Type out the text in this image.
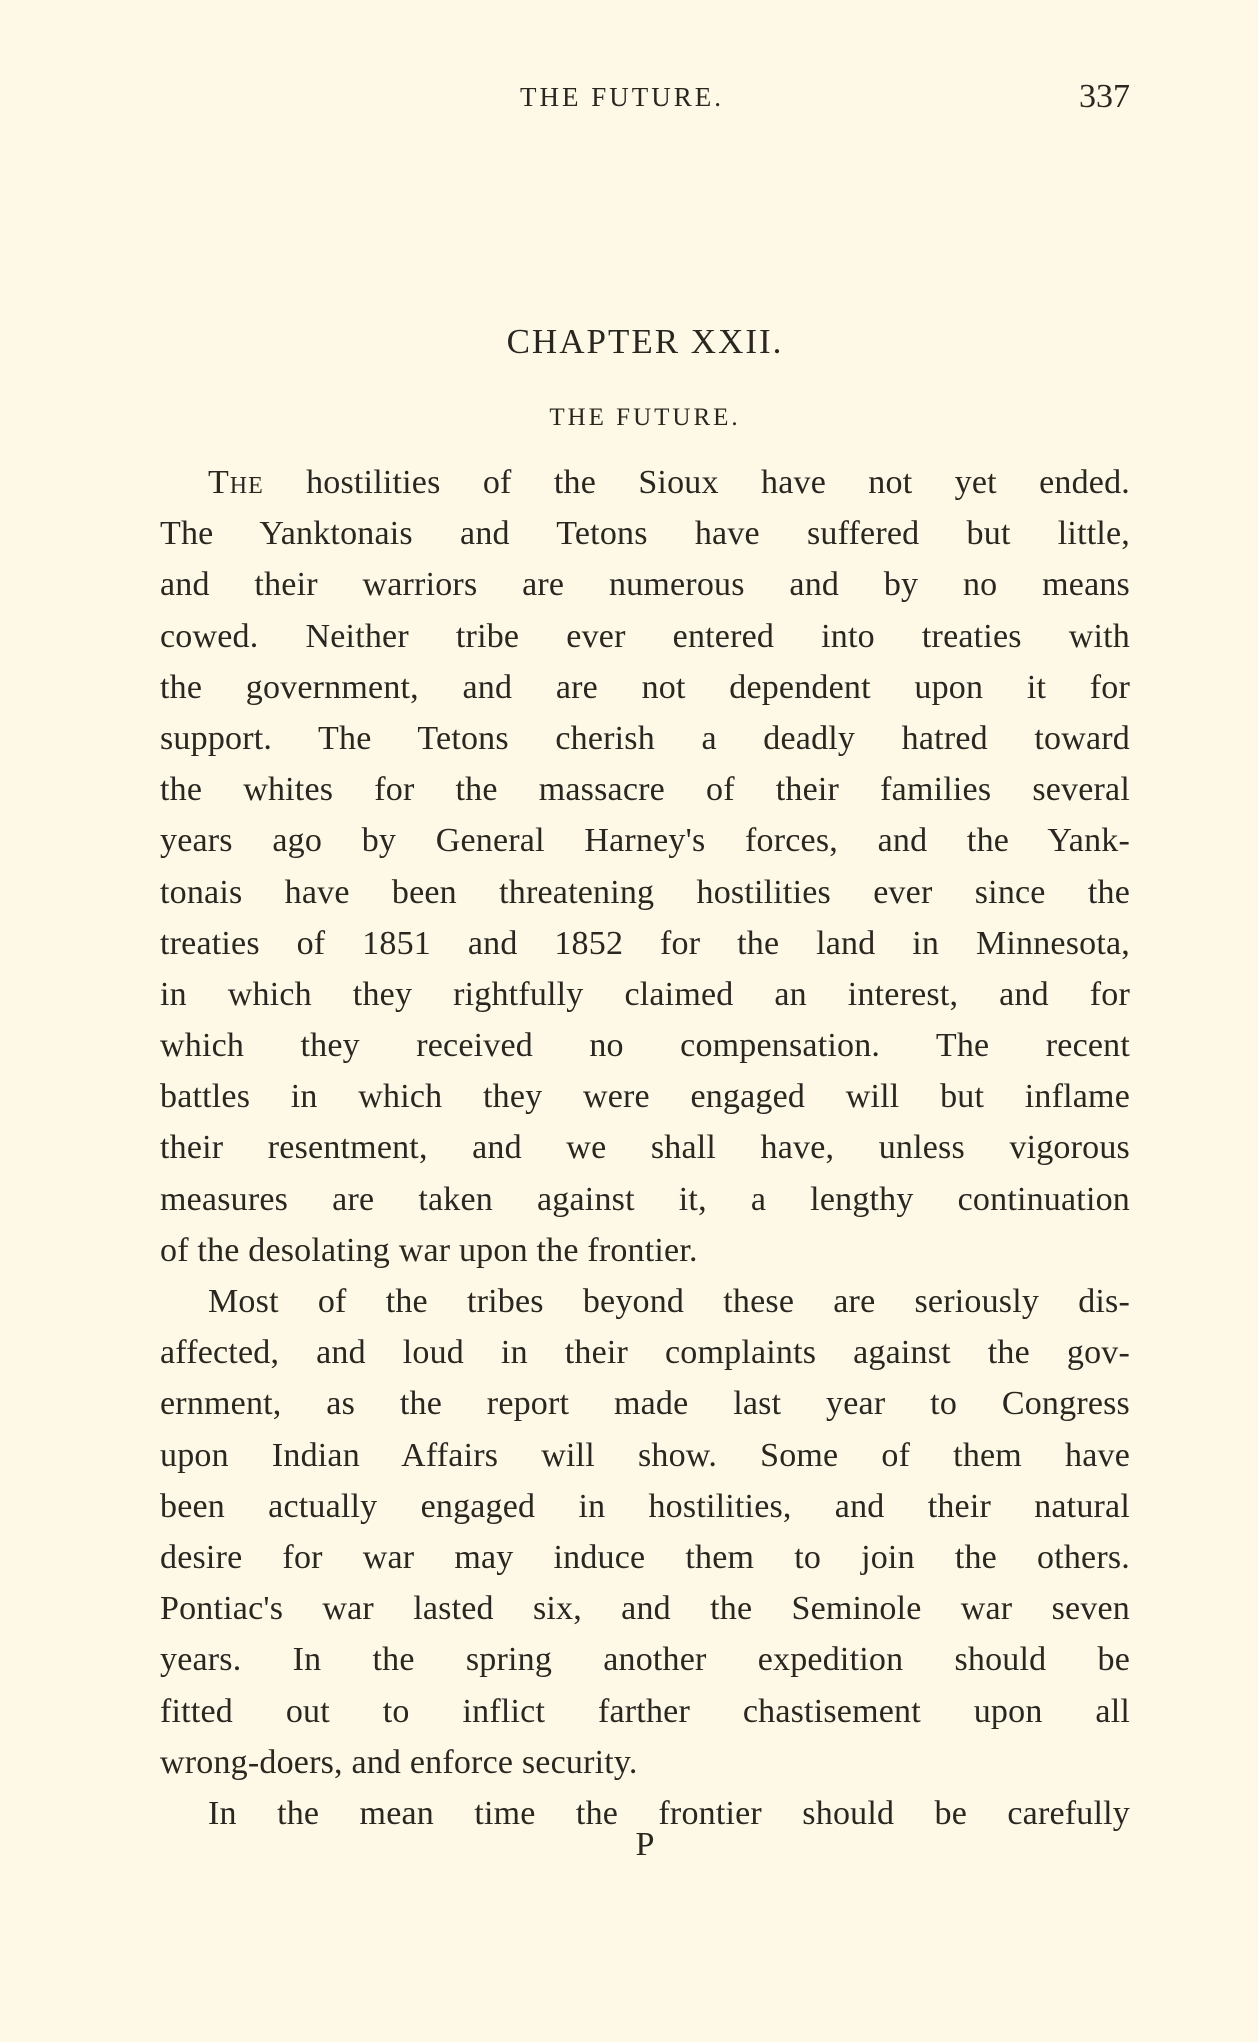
THE FUTURE.	337
CHAPTER XXII.
THE FUTURE.
The hostilities of the Sioux have not yet ended.
The Yanktonais and Tetons have suffered but little,
and their warriors are numerous and by no means
cowed. Neither tribe ever entered into treaties with
the government, and are not dependent upon it for
support. The Tetons cherish a deadly hatred toward
the whites for the massacre of their families several
years ago by General Harney's forces, and the Yank-
tonais have been threatening hostilities ever since the
treaties of 1851 and 1852 for the land in Minnesota,
in which they rightfully claimed an interest, and for
which they received no compensation. The recent
battles in which they were engaged will but inflame
their resentment, and we shall have, unless vigorous
measures are taken against it, a lengthy continuation
of the desolating war upon the frontier.
Most of the tribes beyond these are seriously dis-
affected, and loud in their complaints against the gov-
ernment, as the report made last year to Congress
upon Indian Affairs will show. Some of them have
been actually engaged in hostilities, and their natural
desire for war may induce them to join the others.
Pontiac's war lasted six, and the Seminole war seven
years. In the spring another expedition should be
fitted out to inflict farther chastisement upon all
wrong-doers, and enforce security.
In the mean time the frontier should be carefully
P
